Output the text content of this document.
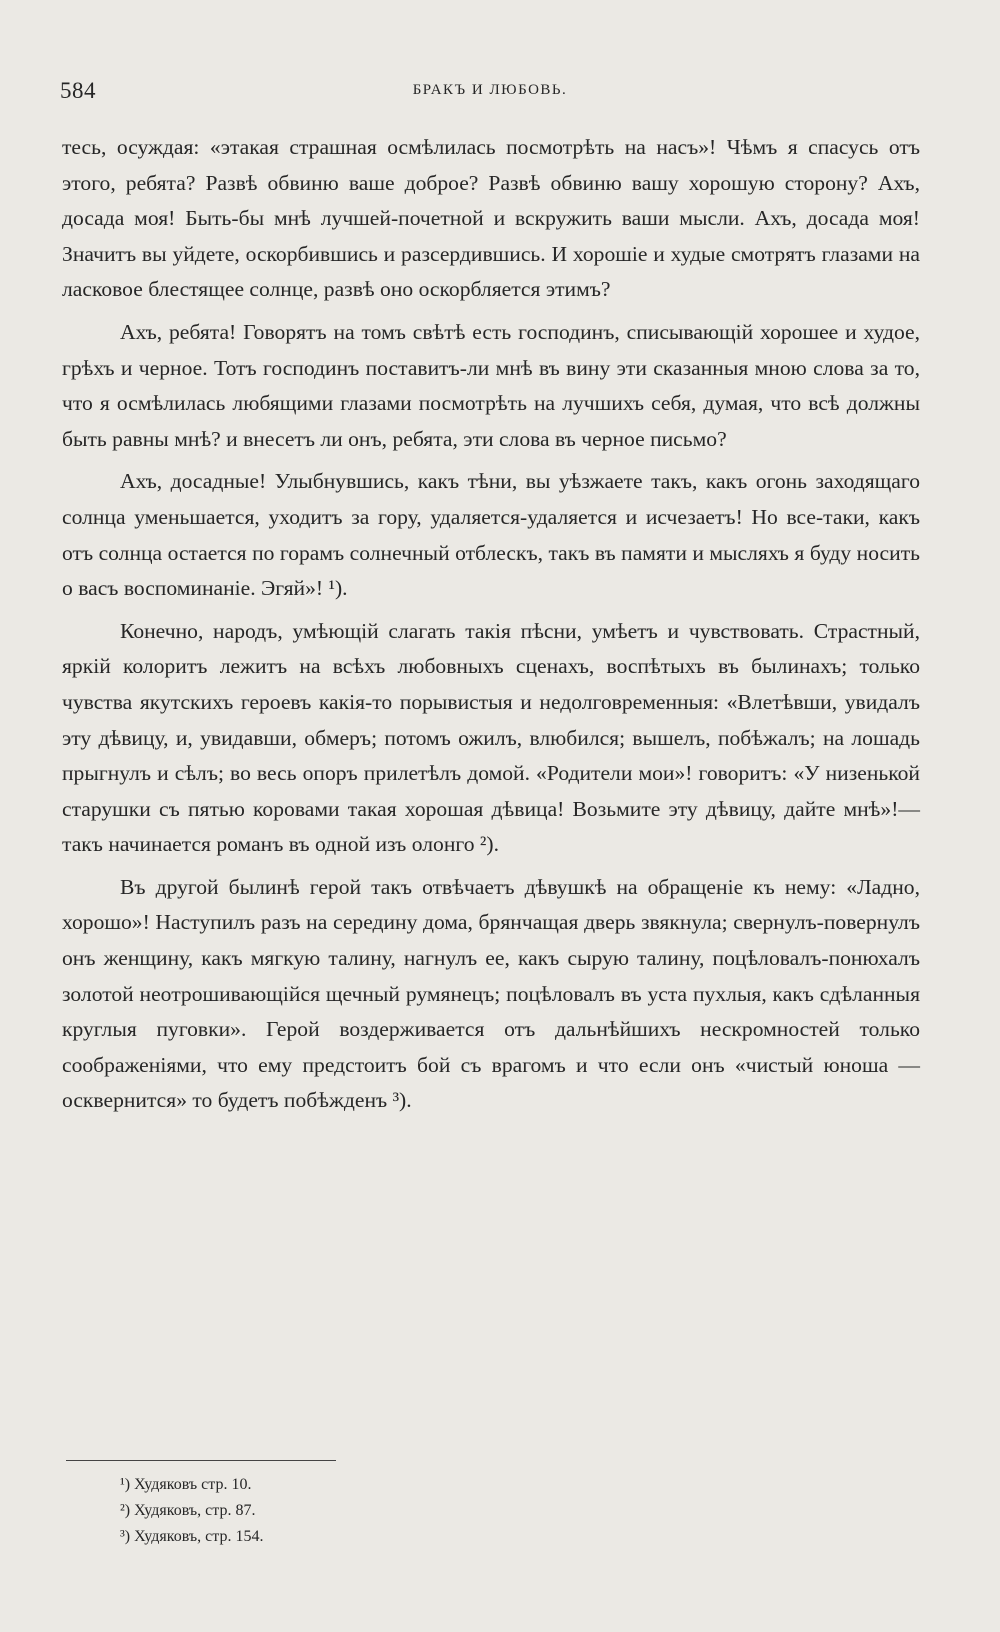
584	БРАКЪ И ЛЮБОВЬ.

тесь, осуждая: «этакая страшная осмѣлилась посмотрѣть на насъ»! Чѣмъ я спасусь отъ этого, ребята? Развѣ обвиню ваше доброе? Развѣ обвиню вашу хорошую сторону? Ахъ, досада моя! Быть-бы мнѣ лучшей-почетной и вскружить ваши мысли. Ахъ, досада моя! Значитъ вы уйдете, оскорбившись и разсердившись. И хорошіе и худые смотрятъ глазами на ласковое блестящее солнце, развѣ оно оскорбляется этимъ?

Ахъ, ребята! Говорятъ на томъ свѣтѣ есть господинъ, списывающій хорошее и худое, грѣхъ и черное. Тотъ господинъ поставитъ-ли мнѣ въ вину эти сказанныя мною слова за то, что я осмѣлилась любящими глазами посмотрѣть на лучшихъ себя, думая, что всѣ должны быть равны мнѣ? и внесетъ ли онъ, ребята, эти слова въ черное письмо?

Ахъ, досадные! Улыбнувшись, какъ тѣни, вы уѣзжаете такъ, какъ огонь заходящаго солнца уменьшается, уходитъ за гору, удаляется-удаляется и исчезаетъ! Но все-таки, какъ отъ солнца остается по горамъ солнечный отблескъ, такъ въ памяти и мысляхъ я буду носить о васъ воспоминаніе. Эгяй»! ¹).

Конечно, народъ, умѣющій слагать такія пѣсни, умѣетъ и чувствовать. Страстный, яркій колоритъ лежитъ на всѣхъ любовныхъ сценахъ, воспѣтыхъ въ былинахъ; только чувства якутскихъ героевъ какія-то порывистыя и недолговременныя: «Влетѣвши, увидалъ эту дѣвицу, и, увидавши, обмеръ; потомъ ожилъ, влюбился; вышелъ, побѣжалъ; на лошадь прыгнулъ и сѣлъ; во весь опоръ прилетѣлъ домой. «Родители мои»! говоритъ: «У низенькой старушки съ пятью коровами такая хорошая дѣвица! Возьмите эту дѣвицу, дайте мнѣ»!—такъ начинается романъ въ одной изъ олонго ²).

Въ другой былинѣ герой такъ отвѣчаетъ дѣвушкѣ на обращеніе къ нему: «Ладно, хорошо»! Наступилъ разъ на середину дома, брянчащая дверь звякнула; свернулъ-повернулъ онъ женщину, какъ мягкую талину, нагнулъ ее, какъ сырую талину, поцѣловалъ-понюхалъ золотой неотрошивающійся щечный румянецъ; поцѣловалъ въ уста пухлыя, какъ сдѣланныя круглыя пуговки». Герой воздерживается отъ дальнѣйшихъ нескромностей только соображеніями, что ему предстоитъ бой съ врагомъ и что если онъ «чистый юноша — осквернится» то будетъ побѣжденъ ³).

¹) Худяковъ стр. 10.
²) Худяковъ, стр. 87.
³) Худяковъ, стр. 154.
